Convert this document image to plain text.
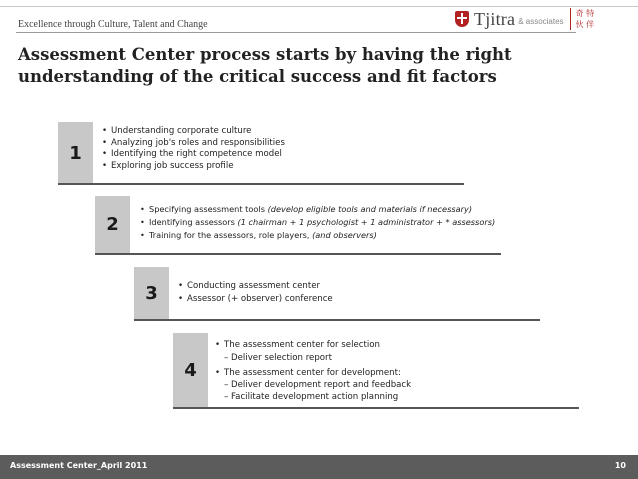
Excellence through Culture, Talent and Change	Tjitra & associates
奇 特
伙 伴
Assessment Center process starts by having the right understanding of the critical success and fit factors
1
• Understanding corporate culture
• Analyzing job's roles and responsibilities
• Identifying the right competence model
• Exploring job success profile
2
• Specifying assessment tools (develop eligible tools and materials if necessary)
• Identifying assessors (1 chairman + 1 psychologist + 1 administrator + * assessors)
• Training for the assessors, role players, (and observers)
3	• Conducting assessment center
• Assessor (+ observer) conference
4
• The assessment center for selection
– Deliver selection report
• The assessment center for development:
– Deliver development report and feedback
– Facilitate development action planning
Assessment Center_April 2011	10
